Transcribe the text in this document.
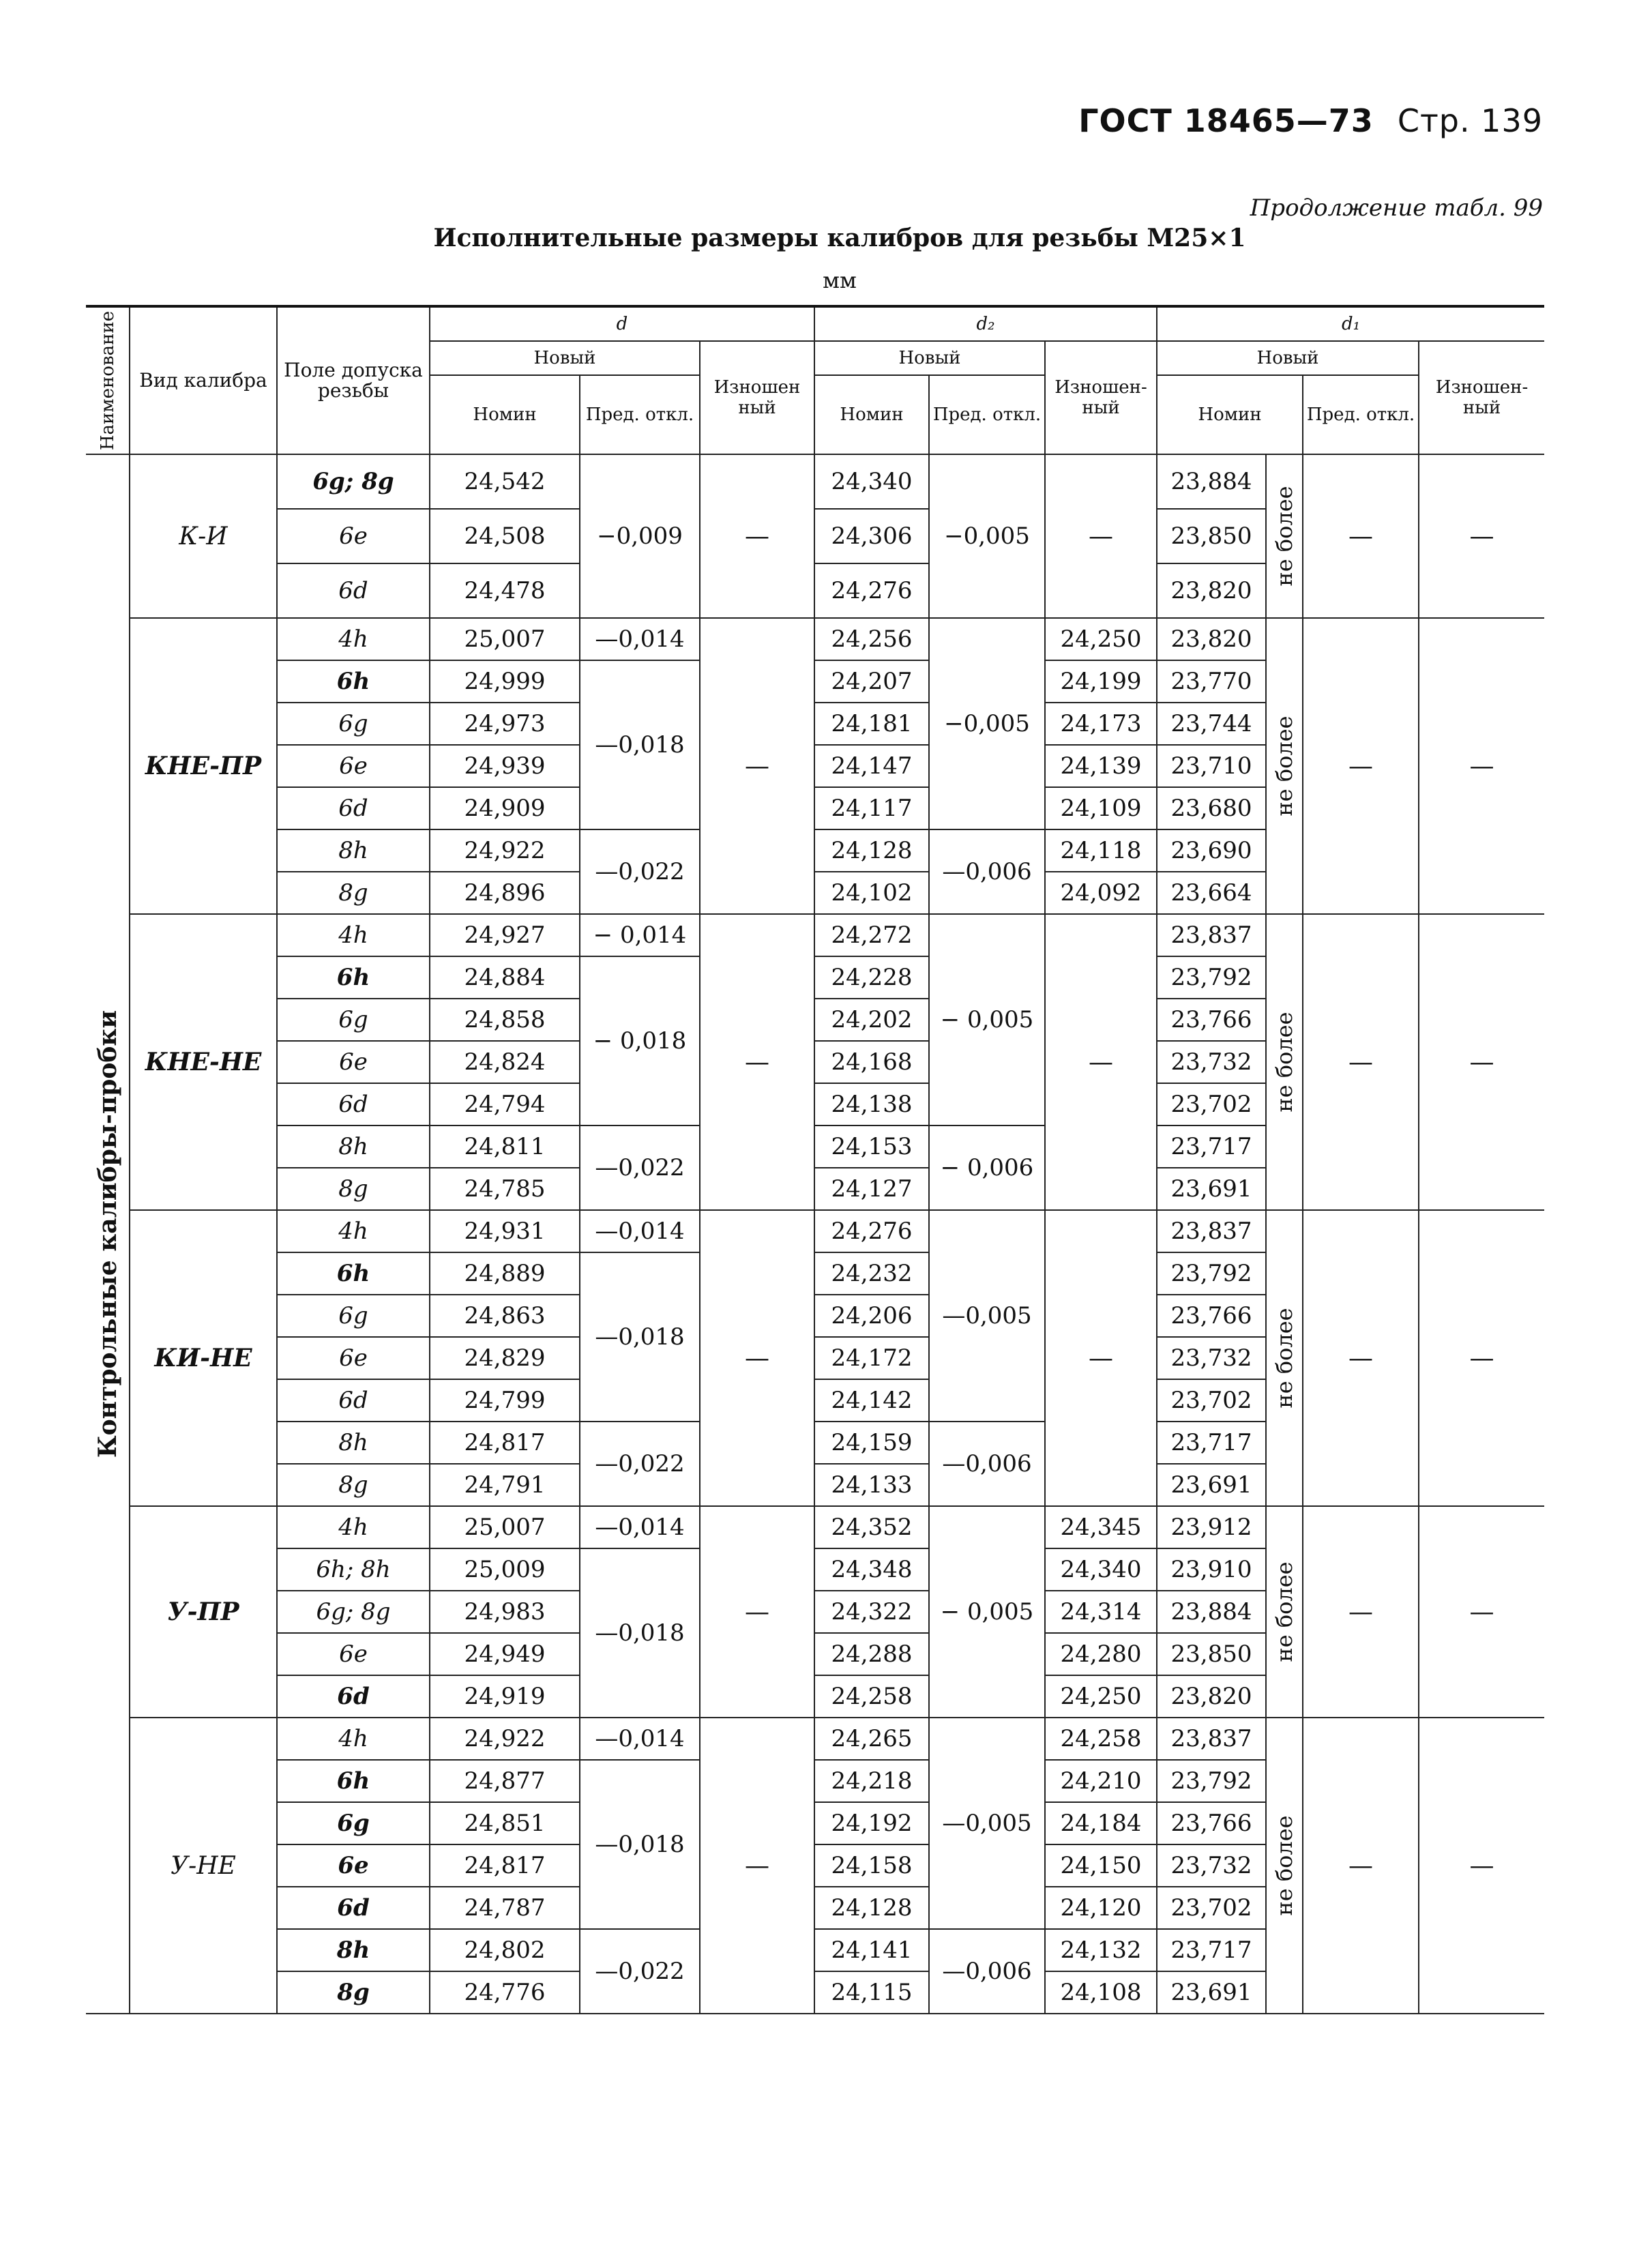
ГОСТ 18465—73 Стр. 139
Продолжение табл. 99
Исполнительные размеры калибров для резьбы M25×1
мм
Наименование	Вид калибра	Поле допуска резьбы	d			d₂			d₁			
			Новый		Изношен ный	Новый		Изношен- ный	Новый			Изношен- ный
			Номин	Пред. откл.		Номин	Пред. откл.		Номин		Пред. откл.	

Контрольные калибры-пробки	К-И	6g; 8g	24,542	−0,009	—	24,340	−0,005	—	23,884	не более	—	—
		6e	24,508			24,306			23,850			
		6d	24,478			24,276			23,820			
	КНЕ-ПР	4h	25,007	—0,014	—	24,256	−0,005	24,250	23,820	не более	—	—
		6h	24,999	—0,018		24,207		24,199	23,770			
		6g	24,973			24,181		24,173	23,744			
		6e	24,939			24,147		24,139	23,710			
		6d	24,909			24,117		24,109	23,680			
		8h	24,922	—0,022		24,128	—0,006	24,118	23,690			
		8g	24,896			24,102		24,092	23,664			
	КНЕ-НЕ	4h	24,927	− 0,014	—	24,272	− 0,005	—	23,837	не более	—	—
		6h	24,884	− 0,018		24,228			23,792			
		6g	24,858			24,202			23,766			
		6e	24,824			24,168			23,732			
		6d	24,794			24,138			23,702			
		8h	24,811	—0,022		24,153	− 0,006		23,717			
		8g	24,785			24,127			23,691			
	КИ-НЕ	4h	24,931	—0,014	—	24,276	—0,005	—	23,837	не более	—	—
		6h	24,889	—0,018		24,232			23,792			
		6g	24,863			24,206			23,766			
		6e	24,829			24,172			23,732			
		6d	24,799			24,142			23,702			
		8h	24,817	—0,022		24,159	—0,006		23,717			
		8g	24,791			24,133			23,691			
	У-ПР	4h	25,007	—0,014	—	24,352	− 0,005	24,345	23,912	не более	—	—
		6h; 8h	25,009	—0,018		24,348		24,340	23,910			
		6g; 8g	24,983			24,322		24,314	23,884			
		6e	24,949			24,288		24,280	23,850			
		6d	24,919			24,258		24,250	23,820			
	У-НЕ	4h	24,922	—0,014	—	24,265	—0,005	24,258	23,837	не более	—	—
		6h	24,877	—0,018		24,218		24,210	23,792			
		6g	24,851			24,192		24,184	23,766			
		6e	24,817			24,158		24,150	23,732			
		6d	24,787			24,128		24,120	23,702			
		8h	24,802	—0,022		24,141	—0,006	24,132	23,717			
		8g	24,776			24,115		24,108	23,691			
